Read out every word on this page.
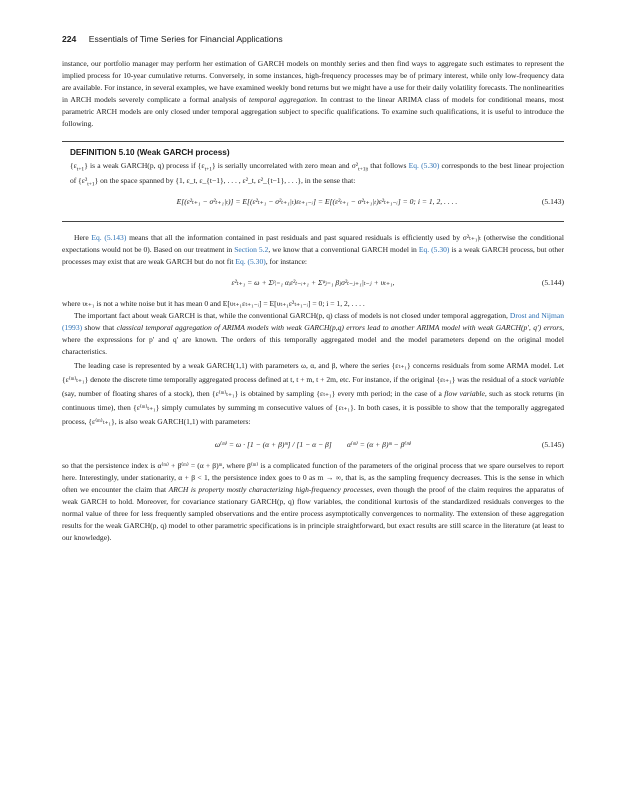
224 Essentials of Time Series for Financial Applications

instance, our portfolio manager may perform her estimation of GARCH models on monthly series and then find ways to aggregate such estimates to represent the implied process for 10-year cumulative returns. Conversely, in some instances, high-frequency processes may be of primary interest, while only low-frequency data are available. For instance, in several examples, we have examined weekly bond returns but we might have a use for their daily volatility forecasts. The nonlinearities in ARCH models severely complicate a formal analysis of temporal aggregation. In contrast to the linear ARIMA class of models for conditional means, most parametric ARCH models are only closed under temporal aggregation subject to specific qualifications. To examine such qualifications, it is useful to introduce the following.

DEFINITION 5.10 (Weak GARCH process)

$\{\varepsilon_{t+1}\}$ is a weak GARCH(p, q) process if $\{\varepsilon_{t+1}\}$ is serially uncorrelated with zero mean and $\sigma^2_{t+1|t}$ that follows Eq. (5.30) corresponds to the best linear projection of $\{\varepsilon^2_{t+1}\}$ on the space spanned by {1, ε_t, ε_{t−1}, . . . , ε²_t, ε²_{t−1}, . . .}, in the sense that:

E[(ε²ₜ₊₁ − σ²ₜ₊₁|ₜ)] = E[(ε²ₜ₊₁ − σ²ₜ₊₁|ₜ)εₜ₊₁₋ᵢ] = E[(ε²ₜ₊₁ − σ²ₜ₊₁|ₜ)ε²ₜ₊₁₋ᵢ] = 0; i = 1, 2, . . . .	(5.143)

Here Eq. (5.143) means that all the information contained in past residuals and past squared residuals is efficiently used by σ²ₜ₊₁|ₜ (otherwise the conditional expectations would not be 0). Based on our treatment in Section 5.2, we know that a conventional GARCH model in Eq. (5.30) is a weak GARCH process, but other processes may exist that are weak GARCH but do not fit Eq. (5.30), for instance:

ε²ₜ₊₁ = ω + Σᵖᵢ₌₁ αᵢε²ₜ₋ᵢ₊₁ + Σᵠⱼ₌₁ βⱼσ²ₜ₋ⱼ₊₁|ₜ₋ⱼ + υₜ₊₁,	(5.144)

where υₜ₊₁ is not a white noise but it has mean 0 and E[υₜ₊₁εₜ₊₁₋ᵢ] = E[υₜ₊₁ε²ₜ₊₁₋ᵢ] = 0; i = 1, 2, . . . .

The important fact about weak GARCH is that, while the conventional GARCH(p, q) class of models is not closed under temporal aggregation, Drost and Nijman (1993) show that classical temporal aggregation of ARIMA models with weak GARCH(p,q) errors lead to another ARIMA model with weak GARCH(p′, q′) errors, where the expressions for p′ and q′ are known. The orders of this temporally aggregated model and the model parameters depend on the original model characteristics.

The leading case is represented by a weak GARCH(1,1) with parameters ω, α, and β, where the series {εₜ₊₁} concerns residuals from some ARMA model. Let {ε⁽ᵐ⁾ₜ₊₁} denote the discrete time temporally aggregated process defined at t, t + m, t + 2m, etc. For instance, if the original {εₜ₊₁} was the residual of a stock variable (say, number of floating shares of a stock), then {ε⁽ᵐ⁾ₜ₊₁} is obtained by sampling {εₜ₊₁} every mth period; in the case of a flow variable, such as stock returns (in continuous time), then {ε⁽ᵐ⁾ₜ₊₁} simply cumulates by summing m consecutive values of {εₜ₊₁}. In both cases, it is possible to show that the temporally aggregated process, {ε⁽ᵐ⁾ₜ₊₁}, is also weak GARCH(1,1) with parameters:

ω⁽ᵐ⁾ = ω · [1 − (α + β)ᵐ] / [1 − α − β] α⁽ᵐ⁾ = (α + β)ᵐ − β⁽ᵐ⁾	(5.145)

so that the persistence index is α⁽ᵐ⁾ + β⁽ᵐ⁾ = (α + β)ᵐ, where β⁽ᵐ⁾ is a complicated function of the parameters of the original process that we spare ourselves to report here. Interestingly, under stationarity, α + β < 1, the persistence index goes to 0 as m → ∞, that is, as the sampling frequency decreases. This is the sense in which often we encounter the claim that ARCH is property mostly characterizing high-frequency processes, even though the proof of the claim requires the apparatus of weak GARCH to hold. Moreover, for covariance stationary GARCH(p, q) flow variables, the conditional kurtosis of the standardized residuals converges to the normal value of three for less frequently sampled observations and the entire process asymptotically convergences to normality. The extension of these aggregation results for the weak GARCH(p, q) model to other parametric specifications is in principle straightforward, but exact results are still scarce in the literature (at least to our knowledge).
